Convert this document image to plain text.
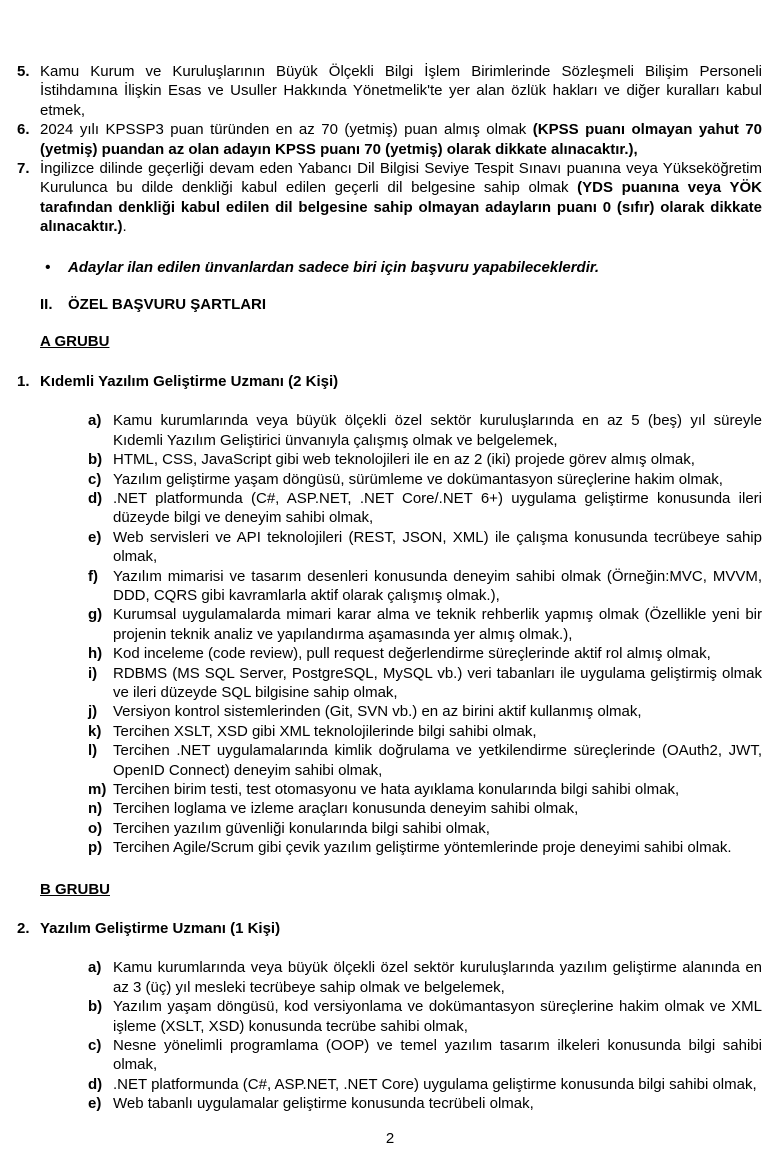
5. Kamu Kurum ve Kuruluşlarının Büyük Ölçekli Bilgi İşlem Birimlerinde Sözleşmeli Bilişim Personeli İstihdamına İlişkin Esas ve Usuller Hakkında Yönetmelik'te yer alan özlük hakları ve diğer kuralları kabul etmek,
6. 2024 yılı KPSSP3 puan türünden en az 70 (yetmiş) puan almış olmak (KPSS puanı olmayan yahut 70 (yetmiş) puandan az olan adayın KPSS puanı 70 (yetmiş) olarak dikkate alınacaktır.),
7. İngilizce dilinde geçerliği devam eden Yabancı Dil Bilgisi Seviye Tespit Sınavı puanına veya Yükseköğretim Kurulunca bu dilde denkliği kabul edilen geçerli dil belgesine sahip olmak (YDS puanına veya YÖK tarafından denkliği kabul edilen dil belgesine sahip olmayan adayların puanı 0 (sıfır) olarak dikkate alınacaktır.).
•	Adaylar ilan edilen ünvanlardan sadece biri için başvuru yapabileceklerdir.
II.	ÖZEL BAŞVURU ŞARTLARI
A GRUBU
1. Kıdemli Yazılım Geliştirme Uzmanı (2 Kişi)
a) Kamu kurumlarında veya büyük ölçekli özel sektör kuruluşlarında en az 5 (beş) yıl süreyle Kıdemli Yazılım Geliştirici ünvanıyla çalışmış olmak ve belgelemek,
b) HTML, CSS, JavaScript gibi web teknolojileri ile en az 2 (iki) projede görev almış olmak,
c) Yazılım geliştirme yaşam döngüsü, sürümleme ve dokümantasyon süreçlerine hakim olmak,
d) .NET platformunda (C#, ASP.NET, .NET Core/.NET 6+) uygulama geliştirme konusunda ileri düzeyde bilgi ve deneyim sahibi olmak,
e) Web servisleri ve API teknolojileri (REST, JSON, XML) ile çalışma konusunda tecrübeye sahip olmak,
f)	Yazılım mimarisi ve tasarım desenleri konusunda deneyim sahibi olmak (Örneğin:MVC, MVVM, DDD, CQRS gibi kavramlarla aktif olarak çalışmış olmak.),
g) Kurumsal uygulamalarda mimari karar alma ve teknik rehberlik yapmış olmak (Özellikle yeni bir projenin teknik analiz ve yapılandırma aşamasında yer almış olmak.),
h) Kod inceleme (code review), pull request değerlendirme süreçlerinde aktif rol almış olmak,
i)	RDBMS (MS SQL Server, PostgreSQL, MySQL vb.) veri tabanları ile uygulama geliştirmiş olmak ve ileri düzeyde SQL bilgisine sahip olmak,
j)	Versiyon kontrol sistemlerinden (Git, SVN vb.) en az birini aktif kullanmış olmak,
k) Tercihen XSLT, XSD gibi XML teknolojilerinde bilgi sahibi olmak,
l)	Tercihen .NET uygulamalarında kimlik doğrulama ve yetkilendirme süreçlerinde (OAuth2, JWT, OpenID Connect) deneyim sahibi olmak,
m) Tercihen birim testi, test otomasyonu ve hata ayıklama konularında bilgi sahibi olmak,
n) Tercihen loglama ve izleme araçları konusunda deneyim sahibi olmak,
o) Tercihen yazılım güvenliği konularında bilgi sahibi olmak,
p) Tercihen Agile/Scrum gibi çevik yazılım geliştirme yöntemlerinde proje deneyimi sahibi olmak.
B GRUBU
2. Yazılım Geliştirme Uzmanı (1 Kişi)
a) Kamu kurumlarında veya büyük ölçekli özel sektör kuruluşlarında yazılım geliştirme alanında en az 3 (üç) yıl mesleki tecrübeye sahip olmak ve belgelemek,
b) Yazılım yaşam döngüsü, kod versiyonlama ve dokümantasyon süreçlerine hakim olmak ve XML işleme (XSLT, XSD) konusunda tecrübe sahibi olmak,
c) Nesne yönelimli programlama (OOP) ve temel yazılım tasarım ilkeleri konusunda bilgi sahibi olmak,
d) .NET platformunda (C#, ASP.NET, .NET Core) uygulama geliştirme konusunda bilgi sahibi olmak,
e) Web tabanlı uygulamalar geliştirme konusunda tecrübeli olmak,
2
